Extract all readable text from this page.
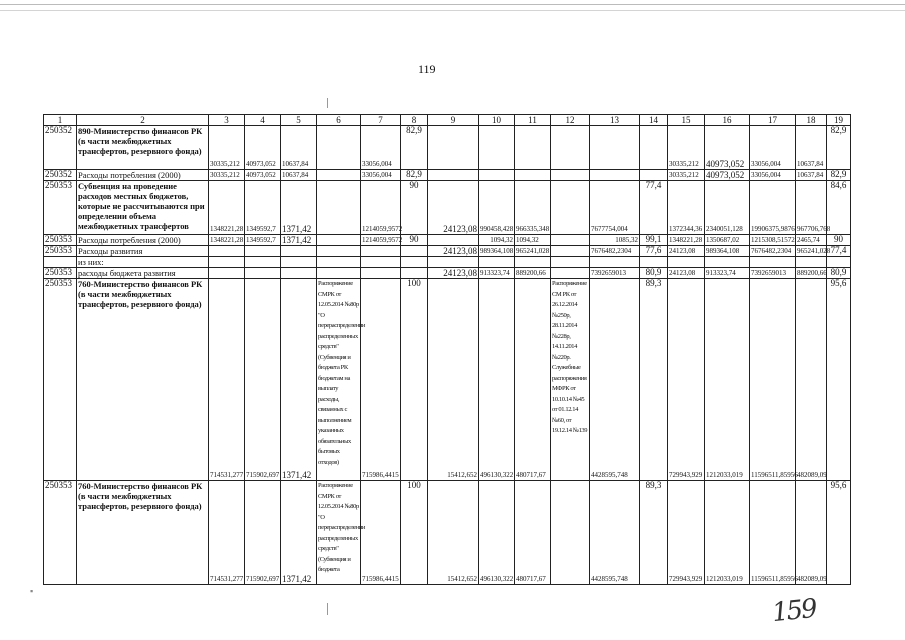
119
▪
1	2	3	4	5	6	7	8	9	10	11	12	13	14	15	16	17	18	19
250352	890-Министерство финансов РК (в части межбюджетных трансфертов, резервного фонда)	30335,212	40973,052	10637,84		33056,004	82,9							30335,212	40973,052	33056,004	10637,84	82,9
250352	Расходы потребления (2000)	30335,212	40973,052	10637,84		33056,004	82,9							30335,212	40973,052	33056,004	10637,84	82,9
250353	Субвенция на проведение расходов местных бюджетов, которые не рассчитываются при определении объема межбюджетных трансфертов	1348221,28	1349592,7	1371,42		1214059,9572	90	24123,08	990458,428	966335,348		7677754,004	77,4	1372344,36	2340051,128	19906375,9876	967706,768	84,6
250353	Расходы потребления (2000)	1348221,28	1349592,7	1371,42		1214059,9572	90		1094,32	1094,32		1085,32	99,1	1348221,28	1350687,02	1215308,51572	2465,74	90
250353	Расходы развития							24123,08	989364,108	965241,028		7676482,2304	77,6	24123,08	989364,108	7676482,2304	965241,028	77,4
	из них:																	
250353	расходы бюджета развития							24123,08	913323,74	889200,66		7392659013	80,9	24123,08	913323,74	7392659013	889200,66	80,9
250353	760-Министерство финансов РК (в части межбюджетных трансфертов, резервного фонда)	714531,277	715902,697	1371,42	Распоряжение СМРК от 12.05.2014 №80р "О перераспределении распределенных средств" (Субвенция и бюджета РК бюджетам на выплату расходы, связанных с выполнением указанных обязательных бытовых отходов)	715986,4415	100	15412,652	496130,322	480717,67	Распоряжение СМ РК от 26.12.2014 №250р, 28.11.2014 №228р, 14.11.2014 №220р. Служебные распоряжения МФРК от 10.10.14 №45 от 01.12.14 №60, от 19.12.14 №139	4428595,748	89,3	729943,929	1212033,019	11596511,85956	482089,09	95,6
250353	760-Министерство финансов РК (в части межбюджетных трансфертов, резервного фонда)	714531,277	715902,697	1371,42	Распоряжение СМРК от 12.05.2014 №80р "О перераспределении распределенных средств" (Субвенция и бюджета	715986,4415	100	15412,652	496130,322	480717,67		4428595,748	89,3	729943,929	1212033,019	11596511,85956	482089,09	95,6
159
